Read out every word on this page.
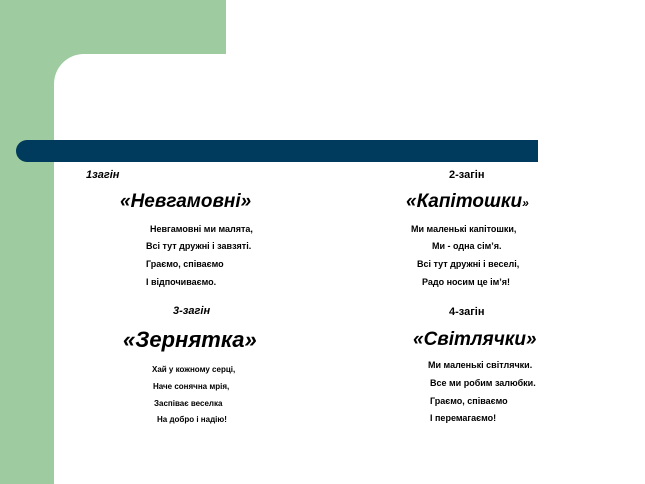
1загін
«Невгамовні»
Невгамовні ми малята,
Всі тут дружні і завзяті.
Граємо, співаємо
І відпочиваємо.
2-загін
«Капітошки»
Ми маленькі капітошки,
Ми - одна сім’я.
Всі тут дружні і веселі,
Радо носим це ім’я!
3-загін
«Зернятка»
Хай у кожному серці,
Наче сонячна мрія,
Заспіває веселка
На добро і надію!
4-загін
«Світлячки»
Ми маленькі світлячки.
Все ми робим залюбки.
Граємо, співаємо
І перемагаємо!
